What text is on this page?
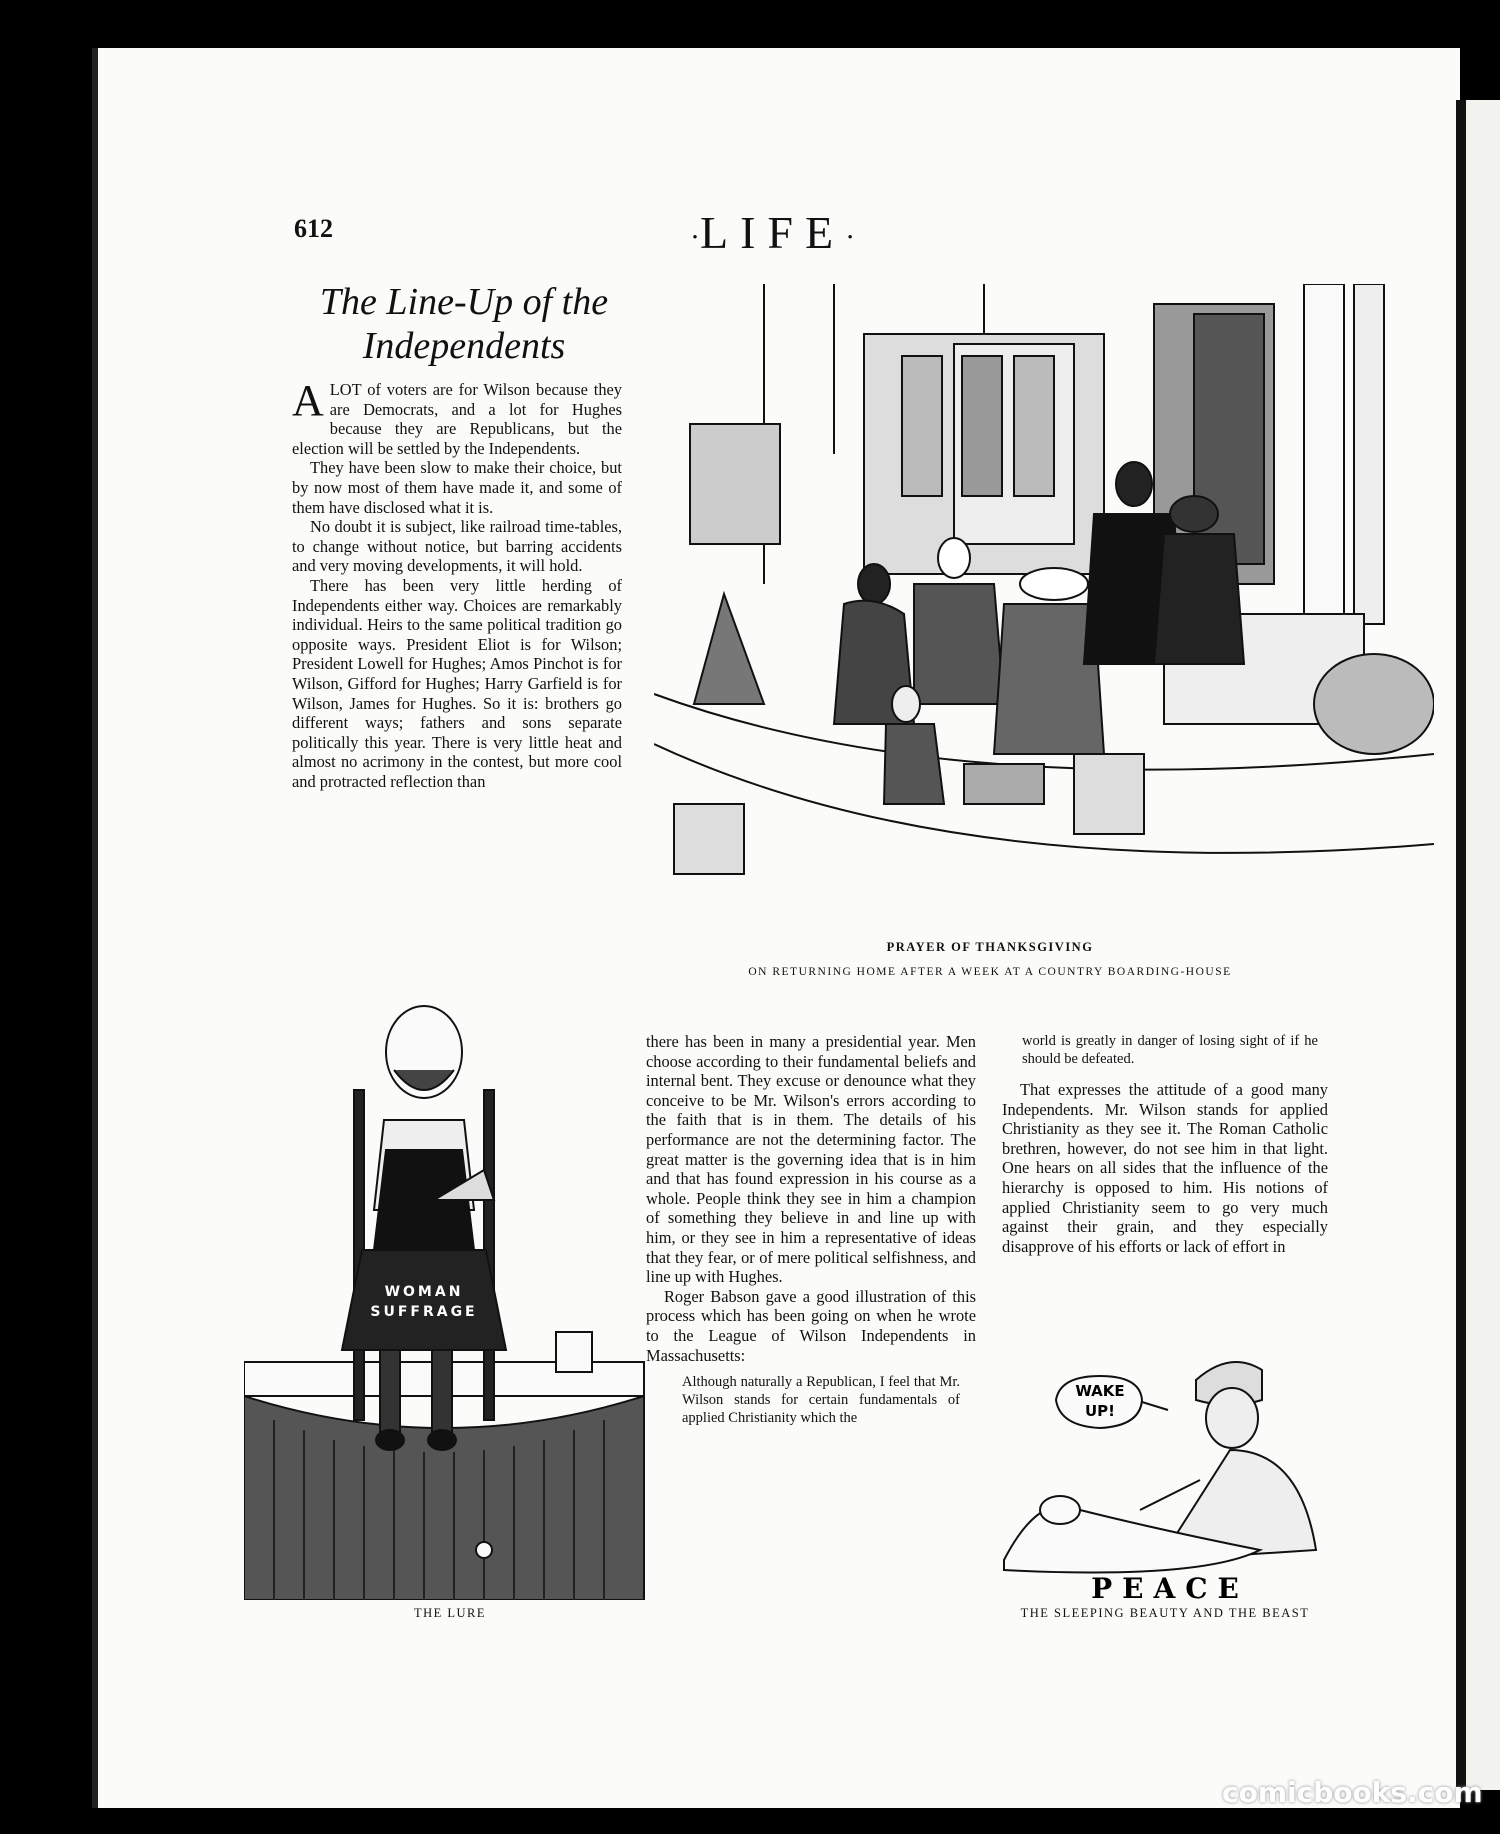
612	·LIFE·
The Line-Up of the Independents

A LOT of voters are for Wilson because they are Democrats, and a lot for Hughes because they are Republicans, but the election will be settled by the Independents.

They have been slow to make their choice, but by now most of them have made it, and some of them have disclosed what it is.

No doubt it is subject, like railroad time-tables, to change without notice, but barring accidents and very moving developments, it will hold.

There has been very little herding of Independents either way. Choices are remarkably individual. Heirs to the same political tradition go opposite ways. President Eliot is for Wilson; President Lowell for Hughes; Amos Pinchot is for Wilson, Gifford for Hughes; Harry Garfield is for Wilson, James for Hughes. So it is: brothers go different ways; fathers and sons separate politically this year. There is very little heat and almost no acrimony in the contest, but more cool and protracted reflection than

PRAYER OF THANKSGIVING
ON RETURNING HOME AFTER A WEEK AT A COUNTRY BOARDING-HOUSE
WOMAN
SUFFRAGE
THE LURE

there has been in many a presidential year. Men choose according to their fundamental beliefs and internal bent. They excuse or denounce what they conceive to be Mr. Wilson's errors according to the faith that is in them. The details of his performance are not the determining factor. The great matter is the governing idea that is in him and that has found expression in his course as a whole. People think they see in him a champion of something they believe in and line up with him, or they see in him a representative of ideas that they fear, or of mere political selfishness, and line up with Hughes.

Roger Babson gave a good illustration of this process which has been going on when he wrote to the League of Wilson Independents in Massachusetts:

Although naturally a Republican, I feel that Mr. Wilson stands for certain fundamentals of applied Christianity which the
world is greatly in danger of losing sight of if he should be defeated.

That expresses the attitude of a good many Independents. Mr. Wilson stands for applied Christianity as they see it. The Roman Catholic brethren, however, do not see him in that light. One hears on all sides that the influence of the hierarchy is opposed to him. His notions of applied Christianity seem to go very much against their grain, and they especially disapprove of his efforts or lack of effort in

WAKE
UP!
PEACE
THE SLEEPING BEAUTY AND THE BEAST
comicbooks.com
